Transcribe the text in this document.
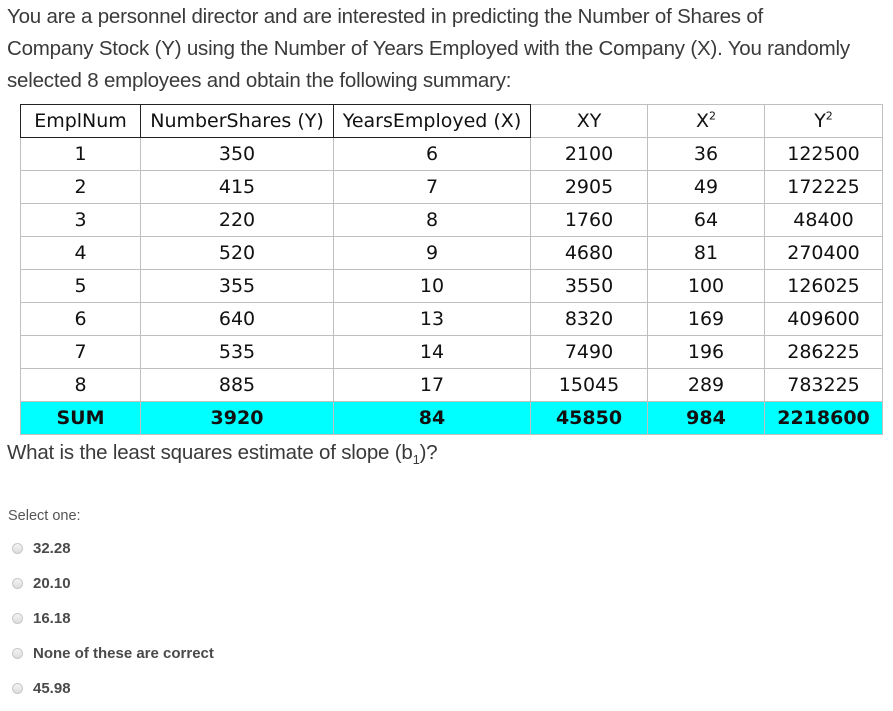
You are a personnel director and are interested in predicting the Number of Shares of
Company Stock (Y) using the Number of Years Employed with the Company (X). You randomly
selected 8 employees and obtain the following summary:
EmplNum	NumberShares (Y)	YearsEmployed (X)	XY	$X^2$	$Y^2$
1	350	6	2100	36	122500
2	415	7	2905	49	172225
3	220	8	1760	64	48400
4	520	9	4680	81	270400
5	355	10	3550	100	126025
6	640	13	8320	169	409600
7	535	14	7490	196	286225
8	885	17	15045	289	783225
SUM	3920	84	45850	984	2218600

What is the least squares estimate of slope $(b_1)$?

Select one:
32.28
20.10
16.18
None of these are correct
45.98
